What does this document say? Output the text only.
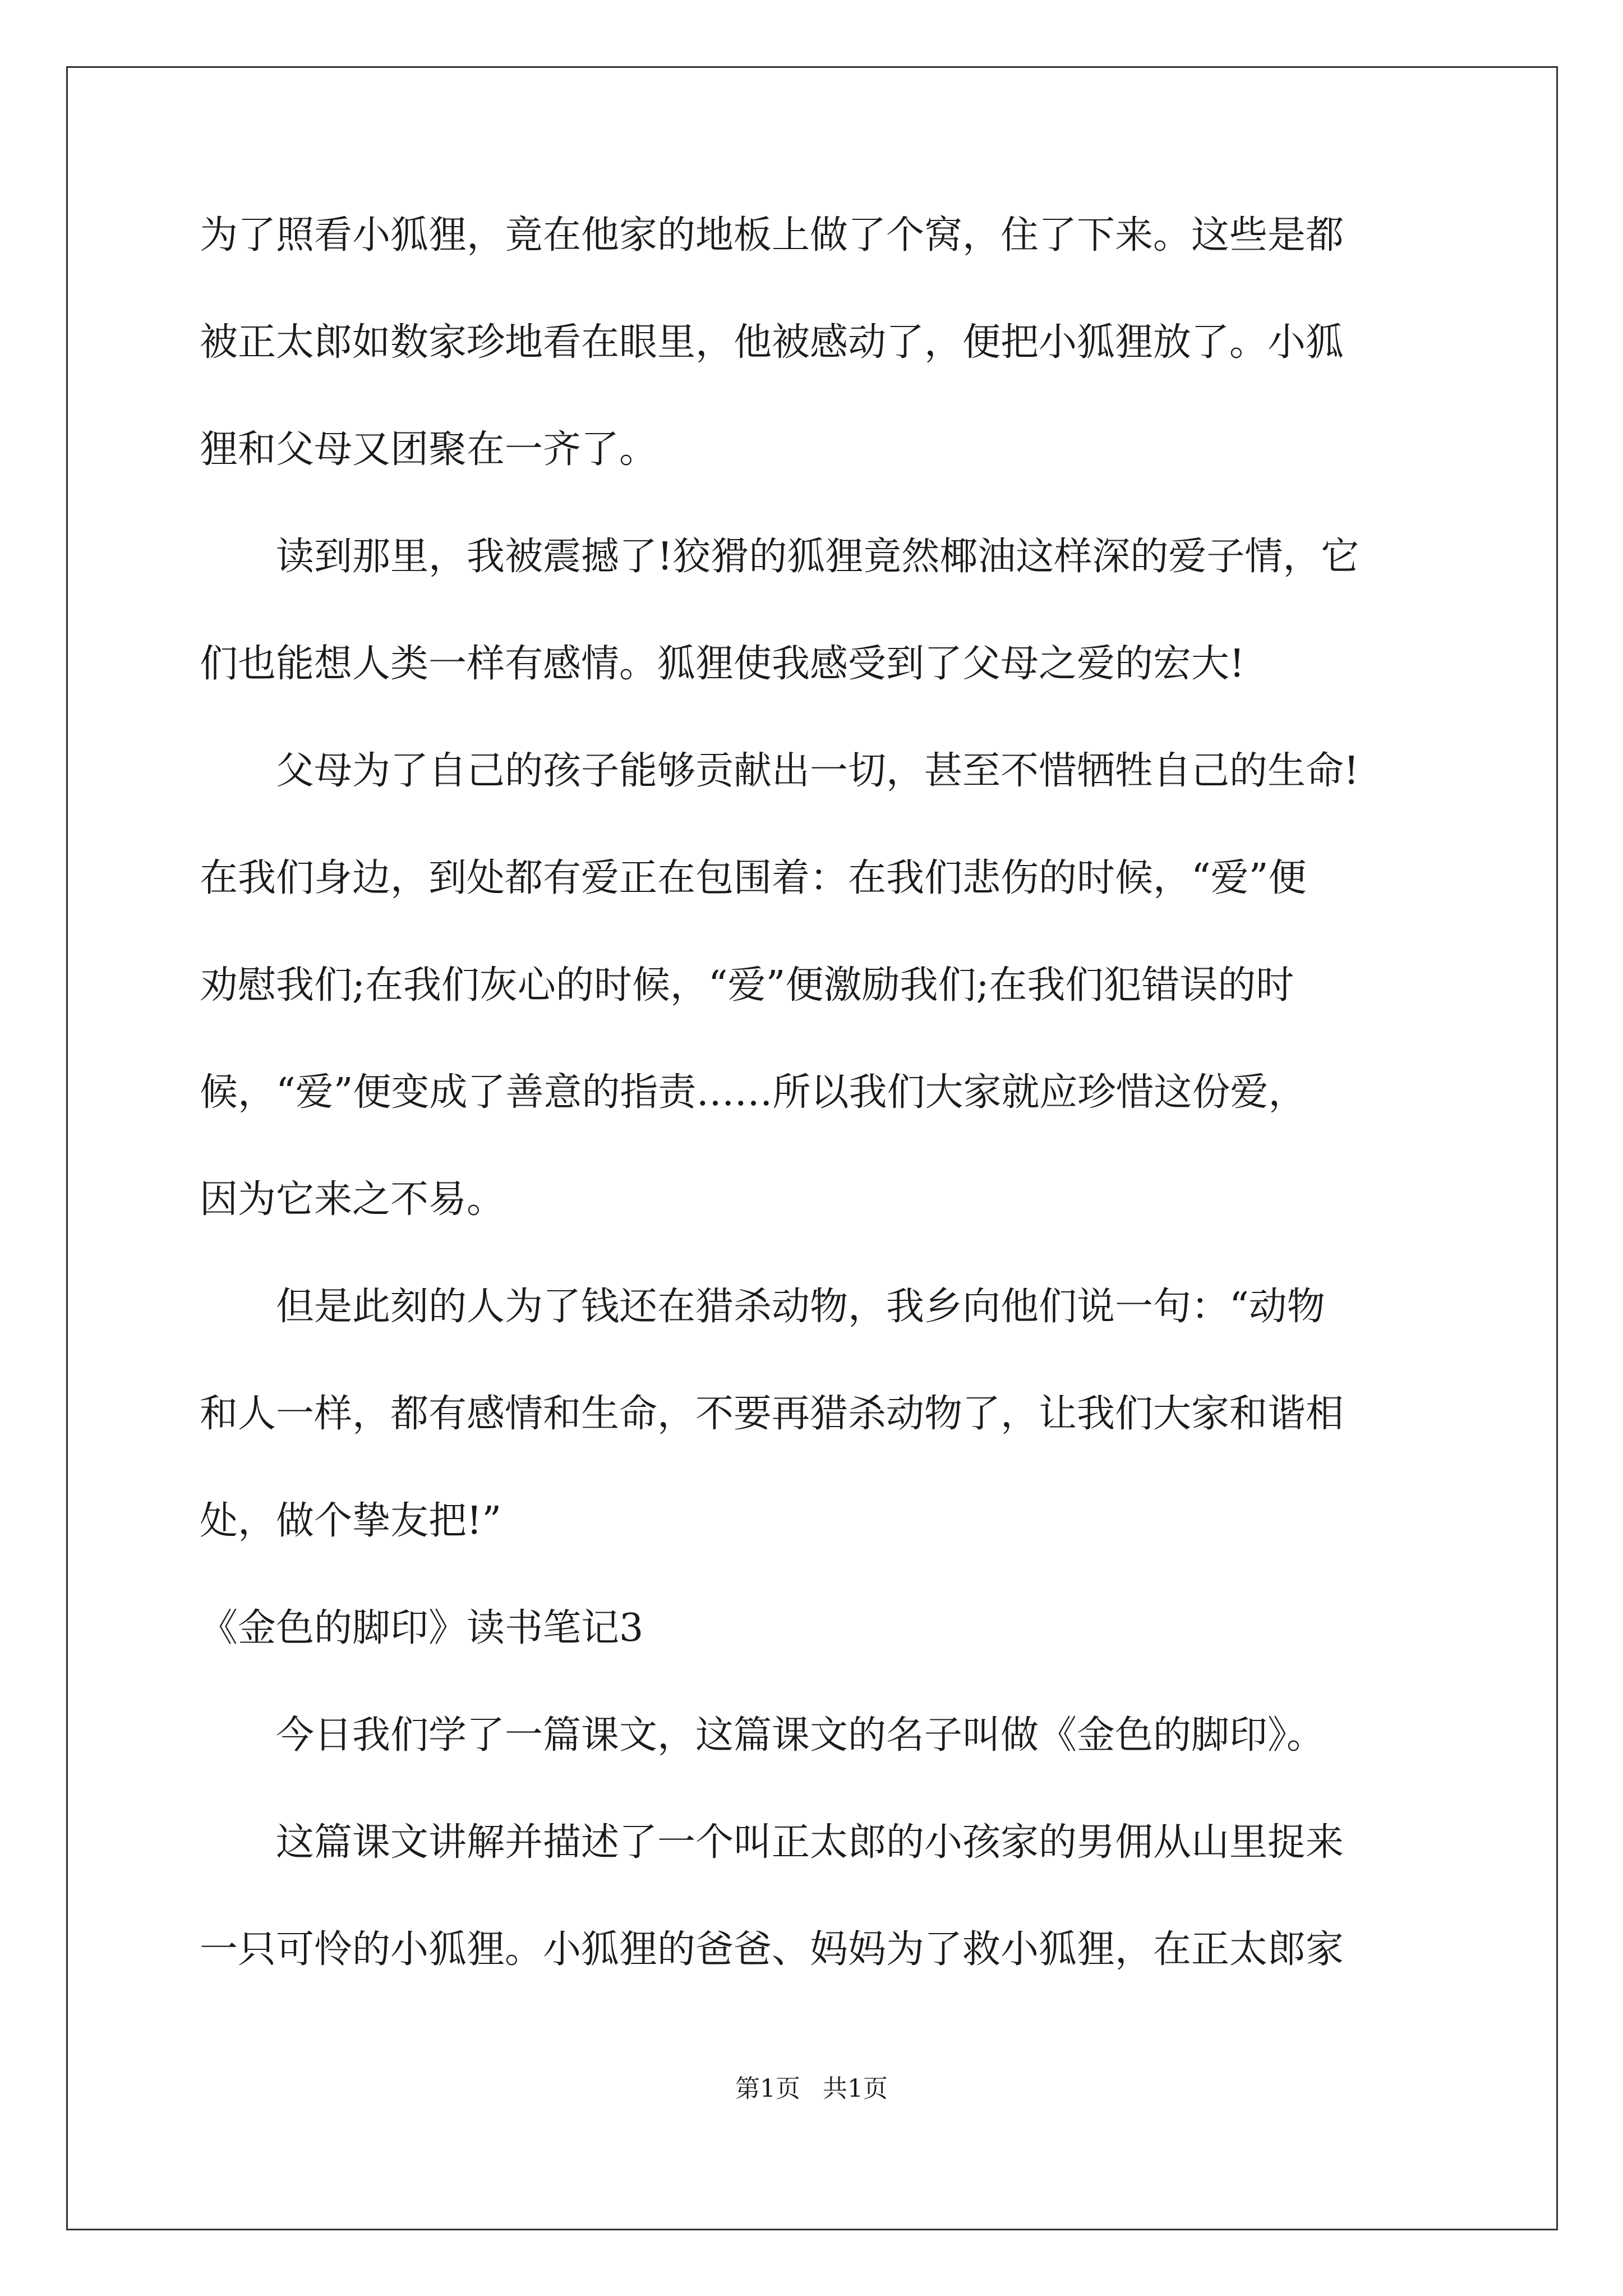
为了照看小狐狸，竟在他家的地板上做了个窝，住了下来。这些是都
被正太郎如数家珍地看在眼里，他被感动了，便把小狐狸放了。小狐
狸和父母又团聚在一齐了。
读到那里，我被震撼了!狡猾的狐狸竟然椰油这样深的爱子情，它
们也能想人类一样有感情。狐狸使我感受到了父母之爱的宏大!
父母为了自己的孩子能够贡献出一切，甚至不惜牺牲自己的生命!
在我们身边，到处都有爱正在包围着：在我们悲伤的时候，“爱”便
劝慰我们;在我们灰心的时候，“爱”便激励我们;在我们犯错误的时
候，“爱”便变成了善意的指责……所以我们大家就应珍惜这份爱，
因为它来之不易。
但是此刻的人为了钱还在猎杀动物，我乡向他们说一句：“动物
和人一样，都有感情和生命，不要再猎杀动物了，让我们大家和谐相
处，做个挚友把!”
《金色的脚印》读书笔记3
今日我们学了一篇课文，这篇课文的名子叫做《金色的脚印》。
这篇课文讲解并描述了一个叫正太郎的小孩家的男佣从山里捉来
一只可怜的小狐狸。小狐狸的爸爸、妈妈为了救小狐狸，在正太郎家
第1页 共1页
